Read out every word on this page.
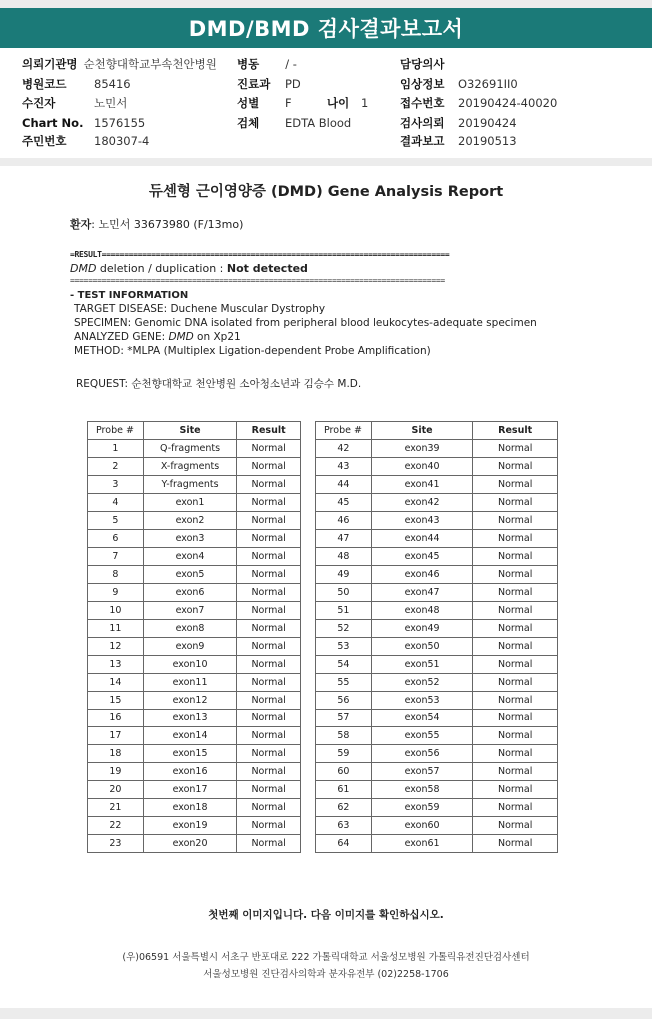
DMD/BMD 검사결과보고서
의뢰기관명 순천향대학교부속천안병원 병동 / -	담당의사
병원코드	85416	진료과	PD	임상정보	O32691II0
수진자	노민서	성별	F	나이	1	접수번호	20190424-40020
Chart No. 1576155	검체	EDTA Blood	검사의뢰	20190424
주민번호	180307-4	결과보고	20190513
듀센형 근이영양증 (DMD) Gene Analysis Report
환자: 노민서 33673980 (F/13mo)
=RESULT=============================================================================
DMD deletion / duplication : Not detected
===================================================================================
- TEST INFORMATION
TARGET DISEASE: Duchene Muscular Dystrophy
SPECIMEN: Genomic DNA isolated from peripheral blood leukocytes-adequate specimen
ANALYZED GENE: DMD on Xp21
METHOD: *MLPA (Multiplex Ligation-dependent Probe Amplification)
REQUEST: 순천향대학교 천안병원 소아청소년과 김승수 M.D.
Probe #	Site	Result
1	Q-fragments	Normal
2	X-fragments	Normal
3	Y-fragments	Normal
4	exon1	Normal
5	exon2	Normal
6	exon3	Normal
7	exon4	Normal
8	exon5	Normal
9	exon6	Normal
10	exon7	Normal
11	exon8	Normal
12	exon9	Normal
13	exon10	Normal
14	exon11	Normal
15	exon12	Normal
16	exon13	Normal
17	exon14	Normal
18	exon15	Normal
19	exon16	Normal
20	exon17	Normal
21	exon18	Normal
22	exon19	Normal
23	exon20	Normal
Probe #	Site	Result
42	exon39	Normal
43	exon40	Normal
44	exon41	Normal
45	exon42	Normal
46	exon43	Normal
47	exon44	Normal
48	exon45	Normal
49	exon46	Normal
50	exon47	Normal
51	exon48	Normal
52	exon49	Normal
53	exon50	Normal
54	exon51	Normal
55	exon52	Normal
56	exon53	Normal
57	exon54	Normal
58	exon55	Normal
59	exon56	Normal
60	exon57	Normal
61	exon58	Normal
62	exon59	Normal
63	exon60	Normal
64	exon61	Normal
첫번째 이미지입니다. 다음 이미지를 확인하십시오.
(우)06591 서울특별시 서초구 반포대로 222 가톨릭대학교 서울성모병원 가톨릭유전진단검사센터
서울성모병원 진단검사의학과 분자유전부 (02)2258-1706
